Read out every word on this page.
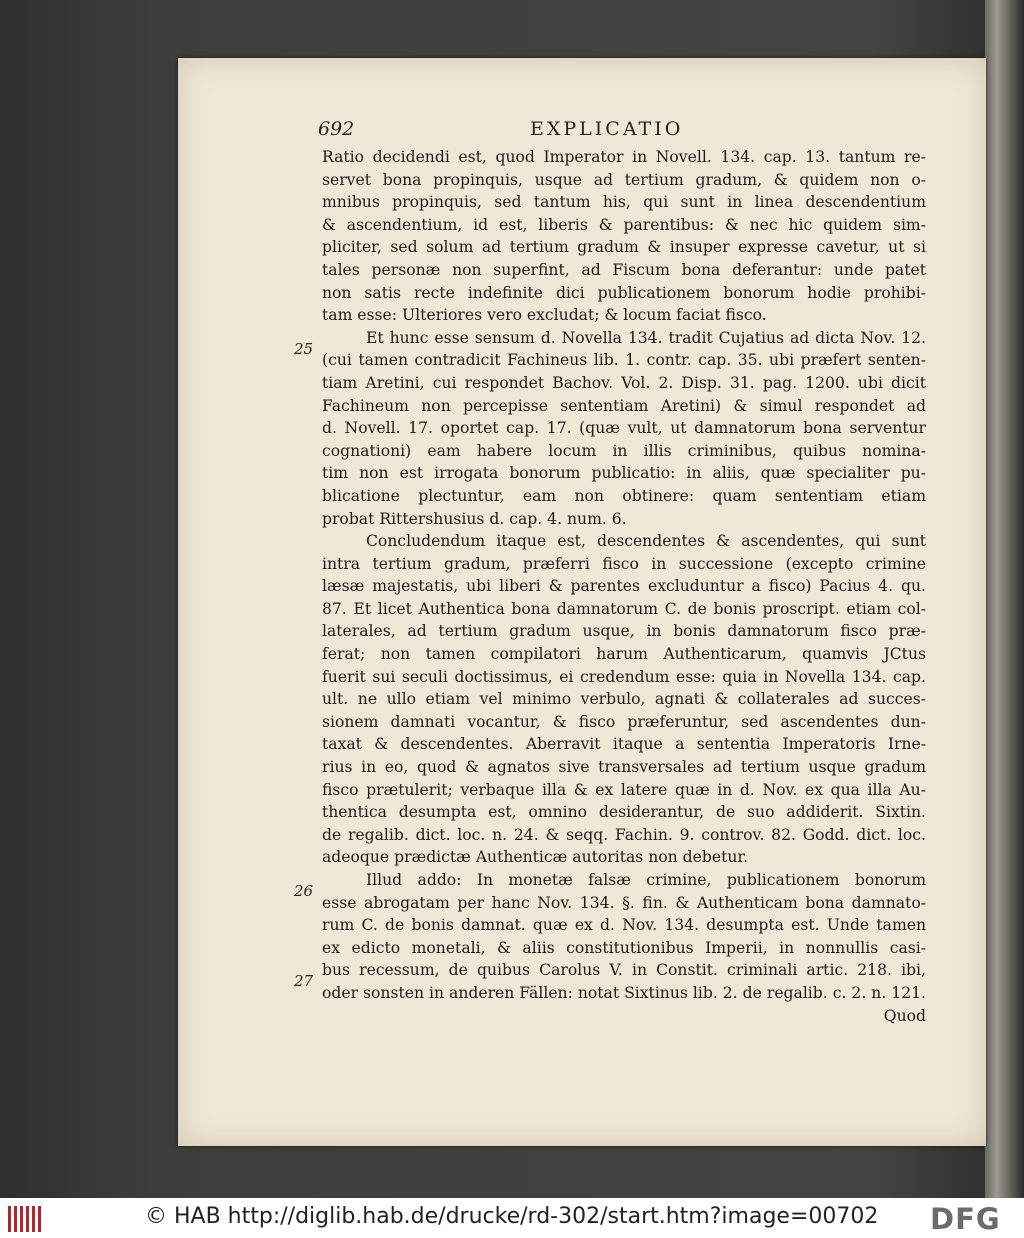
692	EXPLICATIO
25
26
27
Ratio decidendi est, quod Imperator in Novell. 134. cap. 13. tantum re-
servet bona propinquis, usque ad tertium gradum, & quidem non o-
mnibus propinquis, sed tantum his, qui sunt in linea descendentium
& ascendentium, id est, liberis & parentibus: & nec hic quidem sim-
pliciter, sed solum ad tertium gradum & insuper expresse cavetur, ut si
tales personæ non superfint, ad Fiscum bona deferantur: unde patet
non satis recte indefinite dici publicationem bonorum hodie prohibi-
tam esse: Ulteriores vero excludat; & locum faciat fisco.
Et hunc esse sensum d. Novella 134. tradit Cujatius ad dicta Nov. 12.
(cui tamen contradicit Fachineus lib. 1. contr. cap. 35. ubi præfert senten-
tiam Aretini, cui respondet Bachov. Vol. 2. Disp. 31. pag. 1200. ubi dicit
Fachineum non percepisse sententiam Aretini) & simul respondet ad
d. Novell. 17. oportet cap. 17. (quæ vult, ut damnatorum bona serventur
cognationi) eam habere locum in illis criminibus, quibus nomina-
tim non est irrogata bonorum publicatio: in aliis, quæ specialiter pu-
blicatione plectuntur, eam non obtinere: quam sententiam etiam
probat Rittershusius d. cap. 4. num. 6.
Concludendum itaque est, descendentes & ascendentes, qui sunt
intra tertium gradum, præferri fisco in successione (excepto crimine
læsæ majestatis, ubi liberi & parentes excluduntur a fisco) Pacius 4. qu.
87. Et licet Authentica bona damnatorum C. de bonis proscript. etiam col-
laterales, ad tertium gradum usque, in bonis damnatorum fisco præ-
ferat; non tamen compilatori harum Authenticarum, quamvis JCtus
fuerit sui seculi doctissimus, ei credendum esse: quia in Novella 134. cap.
ult. ne ullo etiam vel minimo verbulo, agnati & collaterales ad succes-
sionem damnati vocantur, & fisco præferuntur, sed ascendentes dun-
taxat & descendentes. Aberravit itaque a sententia Imperatoris Irne-
rius in eo, quod & agnatos sive transversales ad tertium usque gradum
fisco prætulerit; verbaque illa & ex latere quæ in d. Nov. ex qua illa Au-
thentica desumpta est, omnino desiderantur, de suo addiderit. Sixtin.
de regalib. dict. loc. n. 24. & seqq. Fachin. 9. controv. 82. Godd. dict. loc.
adeoque prædictæ Authenticæ autoritas non debetur.
Illud addo: In monetæ falsæ crimine, publicationem bonorum
esse abrogatam per hanc Nov. 134. §. fin. & Authenticam bona damnato-
rum C. de bonis damnat. quæ ex d. Nov. 134. desumpta est. Unde tamen
ex edicto monetali, & aliis constitutionibus Imperii, in nonnullis casi-
bus recessum, de quibus Carolus V. in Constit. criminali artic. 218. ibi,
oder sonsten in anderen Fällen: notat Sixtinus lib. 2. de regalib. c. 2. n. 121.
Quod
© HAB http://diglib.hab.de/drucke/rd-302/start.htm?image=00702 DFG
